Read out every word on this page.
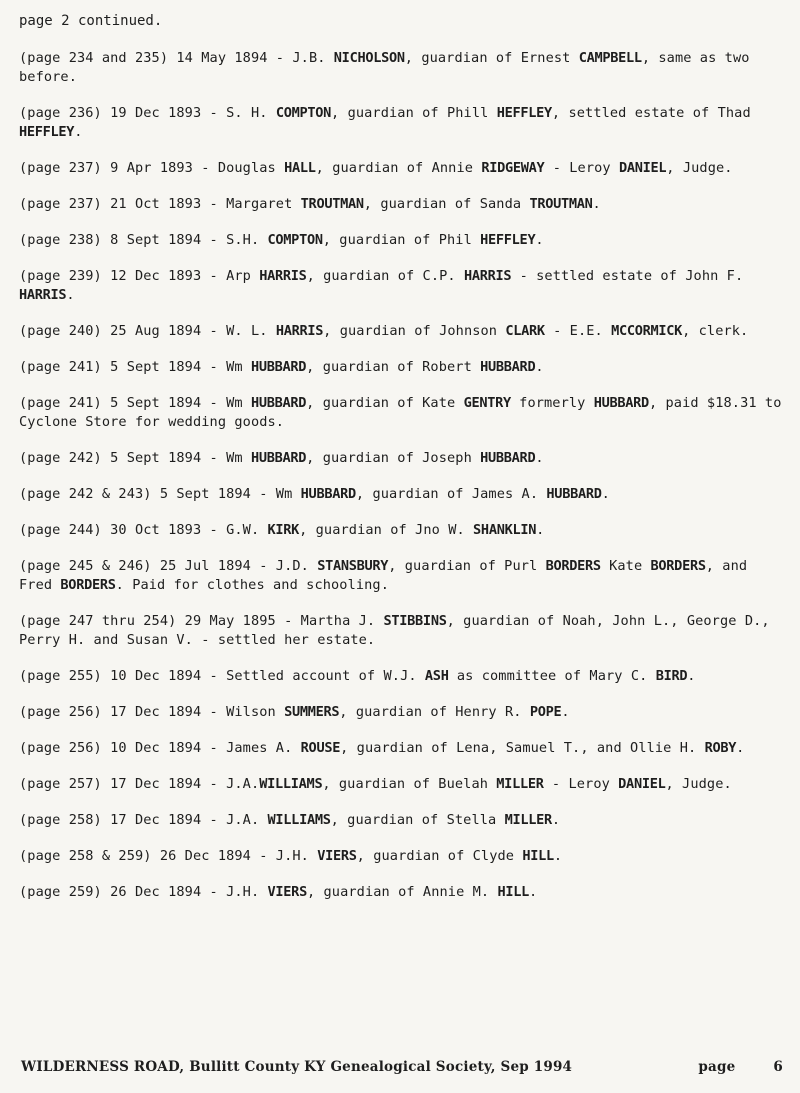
page 2 continued.
(page 234 and 235) 14 May 1894 - J.B. NICHOLSON, guardian of Ernest CAMPBELL, same as two before.
(page 236) 19 Dec 1893 - S. H. COMPTON, guardian of Phill HEFFLEY, settled estate of Thad HEFFLEY.
(page 237) 9 Apr 1893 - Douglas HALL, guardian of Annie RIDGEWAY - Leroy DANIEL, Judge.
(page 237) 21 Oct 1893 - Margaret TROUTMAN, guardian of Sanda TROUTMAN.
(page 238) 8 Sept 1894 - S.H. COMPTON, guardian of Phil HEFFLEY.
(page 239) 12 Dec 1893 - Arp HARRIS, guardian of C.P. HARRIS - settled estate of John F. HARRIS.
(page 240) 25 Aug 1894 - W. L. HARRIS, guardian of Johnson CLARK - E.E. MCCORMICK, clerk.
(page 241) 5 Sept 1894 - Wm HUBBARD, guardian of Robert HUBBARD.
(page 241) 5 Sept 1894 - Wm HUBBARD, guardian of Kate GENTRY formerly HUBBARD, paid $18.31 to Cyclone Store for wedding goods.
(page 242) 5 Sept 1894 - Wm HUBBARD, guardian of Joseph HUBBARD.
(page 242 & 243) 5 Sept 1894 - Wm HUBBARD, guardian of James A. HUBBARD.
(page 244) 30 Oct 1893 - G.W. KIRK, guardian of Jno W. SHANKLIN.
(page 245 & 246) 25 Jul 1894 - J.D. STANSBURY, guardian of Purl BORDERS Kate BORDERS, and Fred BORDERS. Paid for clothes and schooling.
(page 247 thru 254) 29 May 1895 - Martha J. STIBBINS, guardian of Noah, John L., George D., Perry H. and Susan V. - settled her estate.
(page 255) 10 Dec 1894 - Settled account of W.J. ASH as committee of Mary C. BIRD.
(page 256) 17 Dec 1894 - Wilson SUMMERS, guardian of Henry R. POPE.
(page 256) 10 Dec 1894 - James A. ROUSE, guardian of Lena, Samuel T., and Ollie H. ROBY.
(page 257) 17 Dec 1894 - J.A.WILLIAMS, guardian of Buelah MILLER - Leroy DANIEL, Judge.
(page 258) 17 Dec 1894 - J.A. WILLIAMS, guardian of Stella MILLER.
(page 258 & 259) 26 Dec 1894 - J.H. VIERS, guardian of Clyde HILL.
(page 259) 26 Dec 1894 - J.H. VIERS, guardian of Annie M. HILL.
WILDERNESS ROAD, Bullitt County KY Genealogical Society, Sep 1994	page	6
